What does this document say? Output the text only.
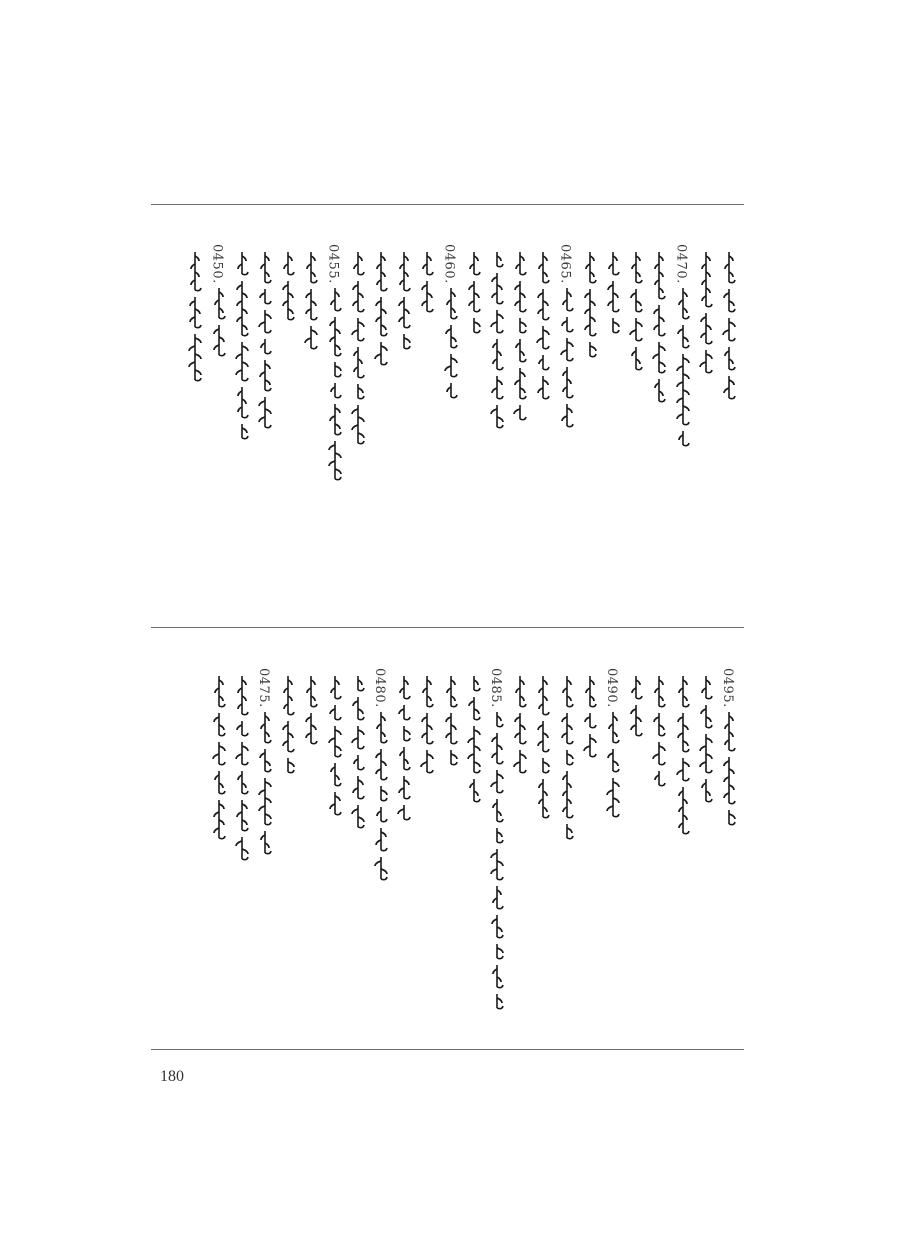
0470.
0465.
0460.
0455.
0450.
0495.
0490.
0485.
0480.
0475.
180
